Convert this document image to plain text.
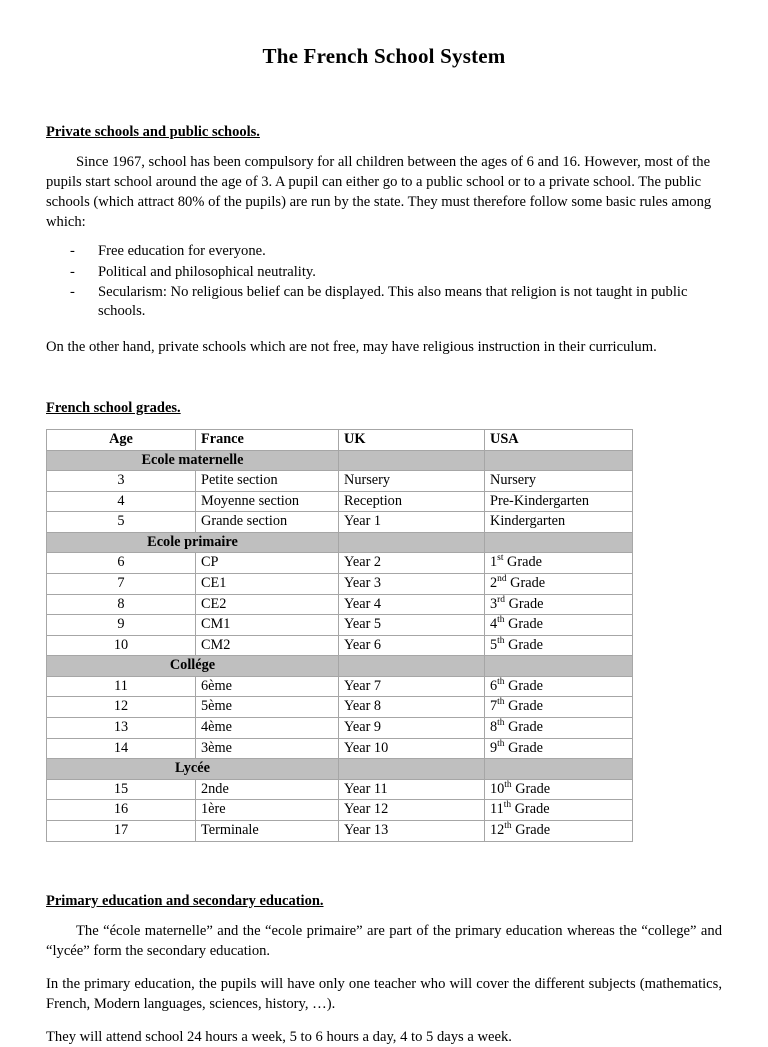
The French School System
Private schools and public schools.

Since 1967, school has been compulsory for all children between the ages of 6 and 16. However, most of the pupils start school around the age of 3. A pupil can either go to a public school or to a private school. The public schools (which attract 80% of the pupils) are run by the state. They must therefore follow some basic rules among which:

- Free education for everyone.
- Political and philosophical neutrality.
- Secularism: No religious belief can be displayed. This also means that religion is not taught in public schools.

On the other hand, private schools which are not free, may have religious instruction in their curriculum.

French school grades.
Age	France	UK	USA
Ecole maternelle			
3	Petite section	Nursery	Nursery
4	Moyenne section	Reception	Pre-Kindergarten
5	Grande section	Year 1	Kindergarten
Ecole primaire			
6	CP	Year 2	1st Grade
7	CE1	Year 3	2nd Grade
8	CE2	Year 4	3rd Grade
9	CM1	Year 5	4th Grade
10	CM2	Year 6	5th Grade
Collége			
11	6ème	Year 7	6th Grade
12	5ème	Year 8	7th Grade
13	4ème	Year 9	8th Grade
14	3ème	Year 10	9th Grade
Lycée			
15	2nde	Year 11	10th Grade
16	1ère	Year 12	11th Grade
17	Terminale	Year 13	12th Grade
Primary education and secondary education.

The “école maternelle” and the “ecole primaire” are part of the primary education whereas the “college” and “lycée” form the secondary education.

In the primary education, the pupils will have only one teacher who will cover the different subjects (mathematics, French, Modern languages, sciences, history, …).

They will attend school 24 hours a week, 5 to 6 hours a day, 4 to 5 days a week.
